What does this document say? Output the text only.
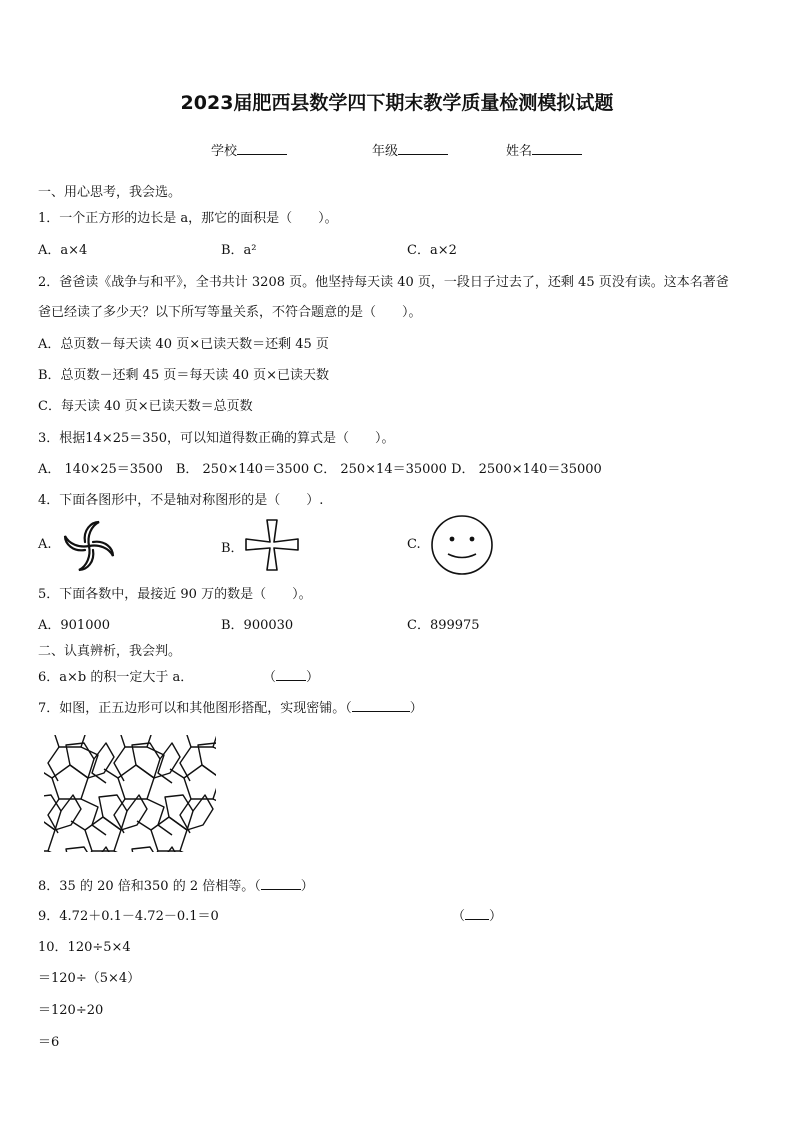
2023届肥西县数学四下期末教学质量检测模拟试题
学校	年级	姓名
一、用心思考，我会选。
1．一个正方形的边长是 a，那它的面积是（　　）。
A．a×4	B．a²	C．a×2
2．爸爸读《战争与和平》，全书共计 3208 页。他坚持每天读 40 页，一段日子过去了，还剩 45 页没有读。这本名著爸
爸已经读了多少天？以下所写等量关系，不符合题意的是（　　）。
A．总页数－每天读 40 页×已读天数＝还剩 45 页
B．总页数－还剩 45 页＝每天读 40 页×已读天数
C．每天读 40 页×已读天数＝总页数
3．根据14×25＝350，可以知道得数正确的算式是（　　）。
A． 140×25＝3500　B． 250×140＝3500 C． 250×14＝35000 D． 2500×140＝35000
4．下面各图形中，不是轴对称图形的是（　　）.
A.	B．	C.
5．下面各数中，最接近 90 万的数是（　　）。
A．901000	B．900030	C．899975
二、认真辨析，我会判。
6．a×b 的积一定大于 a．	（ ）
7．如图，正五边形可以和其他图形搭配，实现密铺。（	）
8．35 的 20 倍和350 的 2 倍相等。（	）
9．4.72＋0.1－4.72－0.1＝0	（ ）
10．120÷5×4
＝120÷（5×4）
＝120÷20
＝6
